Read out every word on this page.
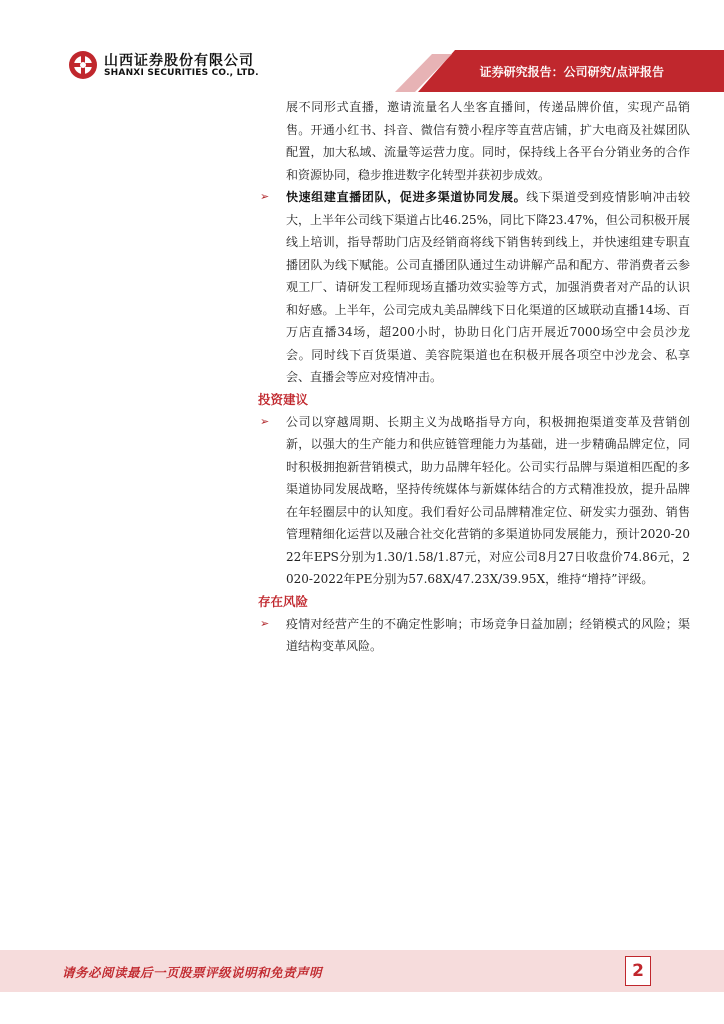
山西证券股份有限公司
SHANXI SECURITIES CO., LTD.	证券研究报告：公司研究/点评报告

展不同形式直播，邀请流量名人坐客直播间，传递品牌价值，实现产品销售。开通小红书、抖音、微信有赞小程序等直营店铺，扩大电商及社媒团队配置，加大私域、流量等运营力度。同时，保持线上各平台分销业务的合作和资源协同，稳步推进数字化转型并获初步成效。

➢ 快速组建直播团队，促进多渠道协同发展。线下渠道受到疫情影响冲击较大，上半年公司线下渠道占比46.25%，同比下降23.47%，但公司积极开展线上培训，指导帮助门店及经销商将线下销售转到线上，并快速组建专职直播团队为线下赋能。公司直播团队通过生动讲解产品和配方、带消费者云参观工厂、请研发工程师现场直播功效实验等方式，加强消费者对产品的认识和好感。上半年，公司完成丸美品牌线下日化渠道的区域联动直播14场、百万店直播34场，超200小时，协助日化门店开展近7000场空中会员沙龙会。同时线下百货渠道、美容院渠道也在积极开展各项空中沙龙会、私享会、直播会等应对疫情冲击。

投资建议

➢ 公司以穿越周期、长期主义为战略指导方向，积极拥抱渠道变革及营销创新，以强大的生产能力和供应链管理能力为基础，进一步精确品牌定位，同时积极拥抱新营销模式，助力品牌年轻化。公司实行品牌与渠道相匹配的多渠道协同发展战略，坚持传统媒体与新媒体结合的方式精准投放，提升品牌在年轻圈层中的认知度。我们看好公司品牌精准定位、研发实力强劲、销售管理精细化运营以及融合社交化营销的多渠道协同发展能力，预计2020-2022年EPS分别为1.30/1.58/1.87元，对应公司8月27日收盘价74.86元，2020-2022年PE分别为57.68X/47.23X/39.95X，维持“增持”评级。

存在风险

➢ 疫情对经营产生的不确定性影响；市场竞争日益加剧；经销模式的风险；渠道结构变革风险。
请务必阅读最后一页股票评级说明和免责声明	2
